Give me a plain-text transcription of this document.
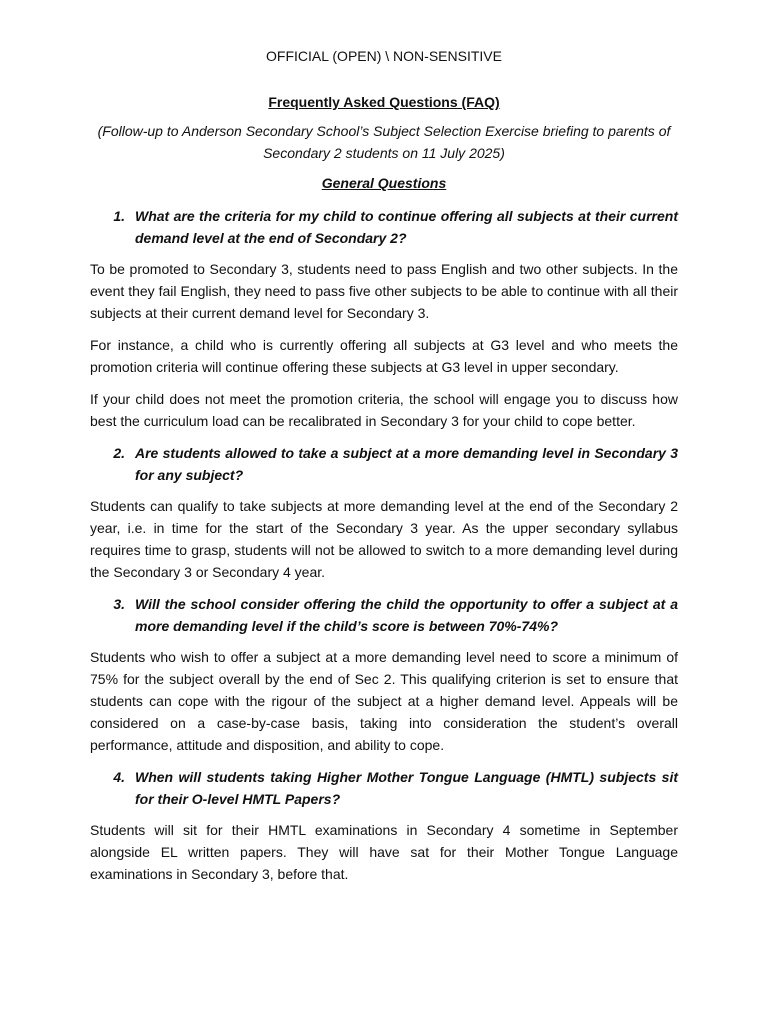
OFFICIAL (OPEN) \ NON-SENSITIVE
Frequently Asked Questions (FAQ)
(Follow-up to Anderson Secondary School’s Subject Selection Exercise briefing to parents of Secondary 2 students on 11 July 2025)
General Questions
1. What are the criteria for my child to continue offering all subjects at their current demand level at the end of Secondary 2?

To be promoted to Secondary 3, students need to pass English and two other subjects. In the event they fail English, they need to pass five other subjects to be able to continue with all their subjects at their current demand level for Secondary 3.

For instance, a child who is currently offering all subjects at G3 level and who meets the promotion criteria will continue offering these subjects at G3 level in upper secondary.

If your child does not meet the promotion criteria, the school will engage you to discuss how best the curriculum load can be recalibrated in Secondary 3 for your child to cope better.

2. Are students allowed to take a subject at a more demanding level in Secondary 3 for any subject?

Students can qualify to take subjects at more demanding level at the end of the Secondary 2 year, i.e. in time for the start of the Secondary 3 year. As the upper secondary syllabus requires time to grasp, students will not be allowed to switch to a more demanding level during the Secondary 3 or Secondary 4 year.

3. Will the school consider offering the child the opportunity to offer a subject at a more demanding level if the child’s score is between 70%-74%?

Students who wish to offer a subject at a more demanding level need to score a minimum of 75% for the subject overall by the end of Sec 2. This qualifying criterion is set to ensure that students can cope with the rigour of the subject at a higher demand level. Appeals will be considered on a case-by-case basis, taking into consideration the student’s overall performance, attitude and disposition, and ability to cope.

4. When will students taking Higher Mother Tongue Language (HMTL) subjects sit for their O-level HMTL Papers?

Students will sit for their HMTL examinations in Secondary 4 sometime in September alongside EL written papers. They will have sat for their Mother Tongue Language examinations in Secondary 3, before that.
